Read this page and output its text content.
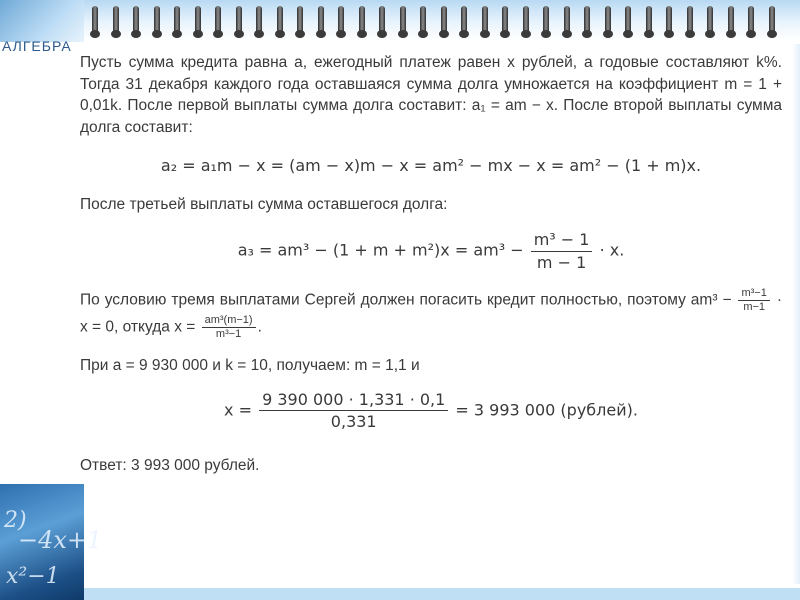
АЛГЕБРА
2)
−4x+1
x²−1
Пусть сумма кредита равна a, ежегодный платеж равен x рублей, а годовые составляют k%. Тогда 31 декабря каждого года оставшаяся сумма долга умножается на коэффициент m = 1 + 0,01k. После первой выплаты сумма долга составит: a₁ = am − x. После второй выплаты сумма долга составит:
a₂ = a₁m − x = (am − x)m − x = am² − mx − x = am² − (1 + m)x.
После третьей выплаты сумма оставшегося долга:
$a_3 = am^3 - (1 + m + m^2)x = am^3 - \frac{\text{m³ − 1}}{m - 1} \cdot x$.
По условию тремя выплатами Сергей должен погасить кредит полностью, поэтому $am^3 - \frac{\text{m³−1}}{m-1} \cdot x = 0$, откуда $x = \frac{\text{am³(m−1)}}{\text{m³−1}}$ .
При a = 9 930 000 и k = 10, получаем: m = 1,1 и
$x = \frac{9 390 000 \cdot 1,331 \cdot 0,1}{0,331} = 3$ 993 000 (рублей).
Ответ: 3 993 000 рублей.
